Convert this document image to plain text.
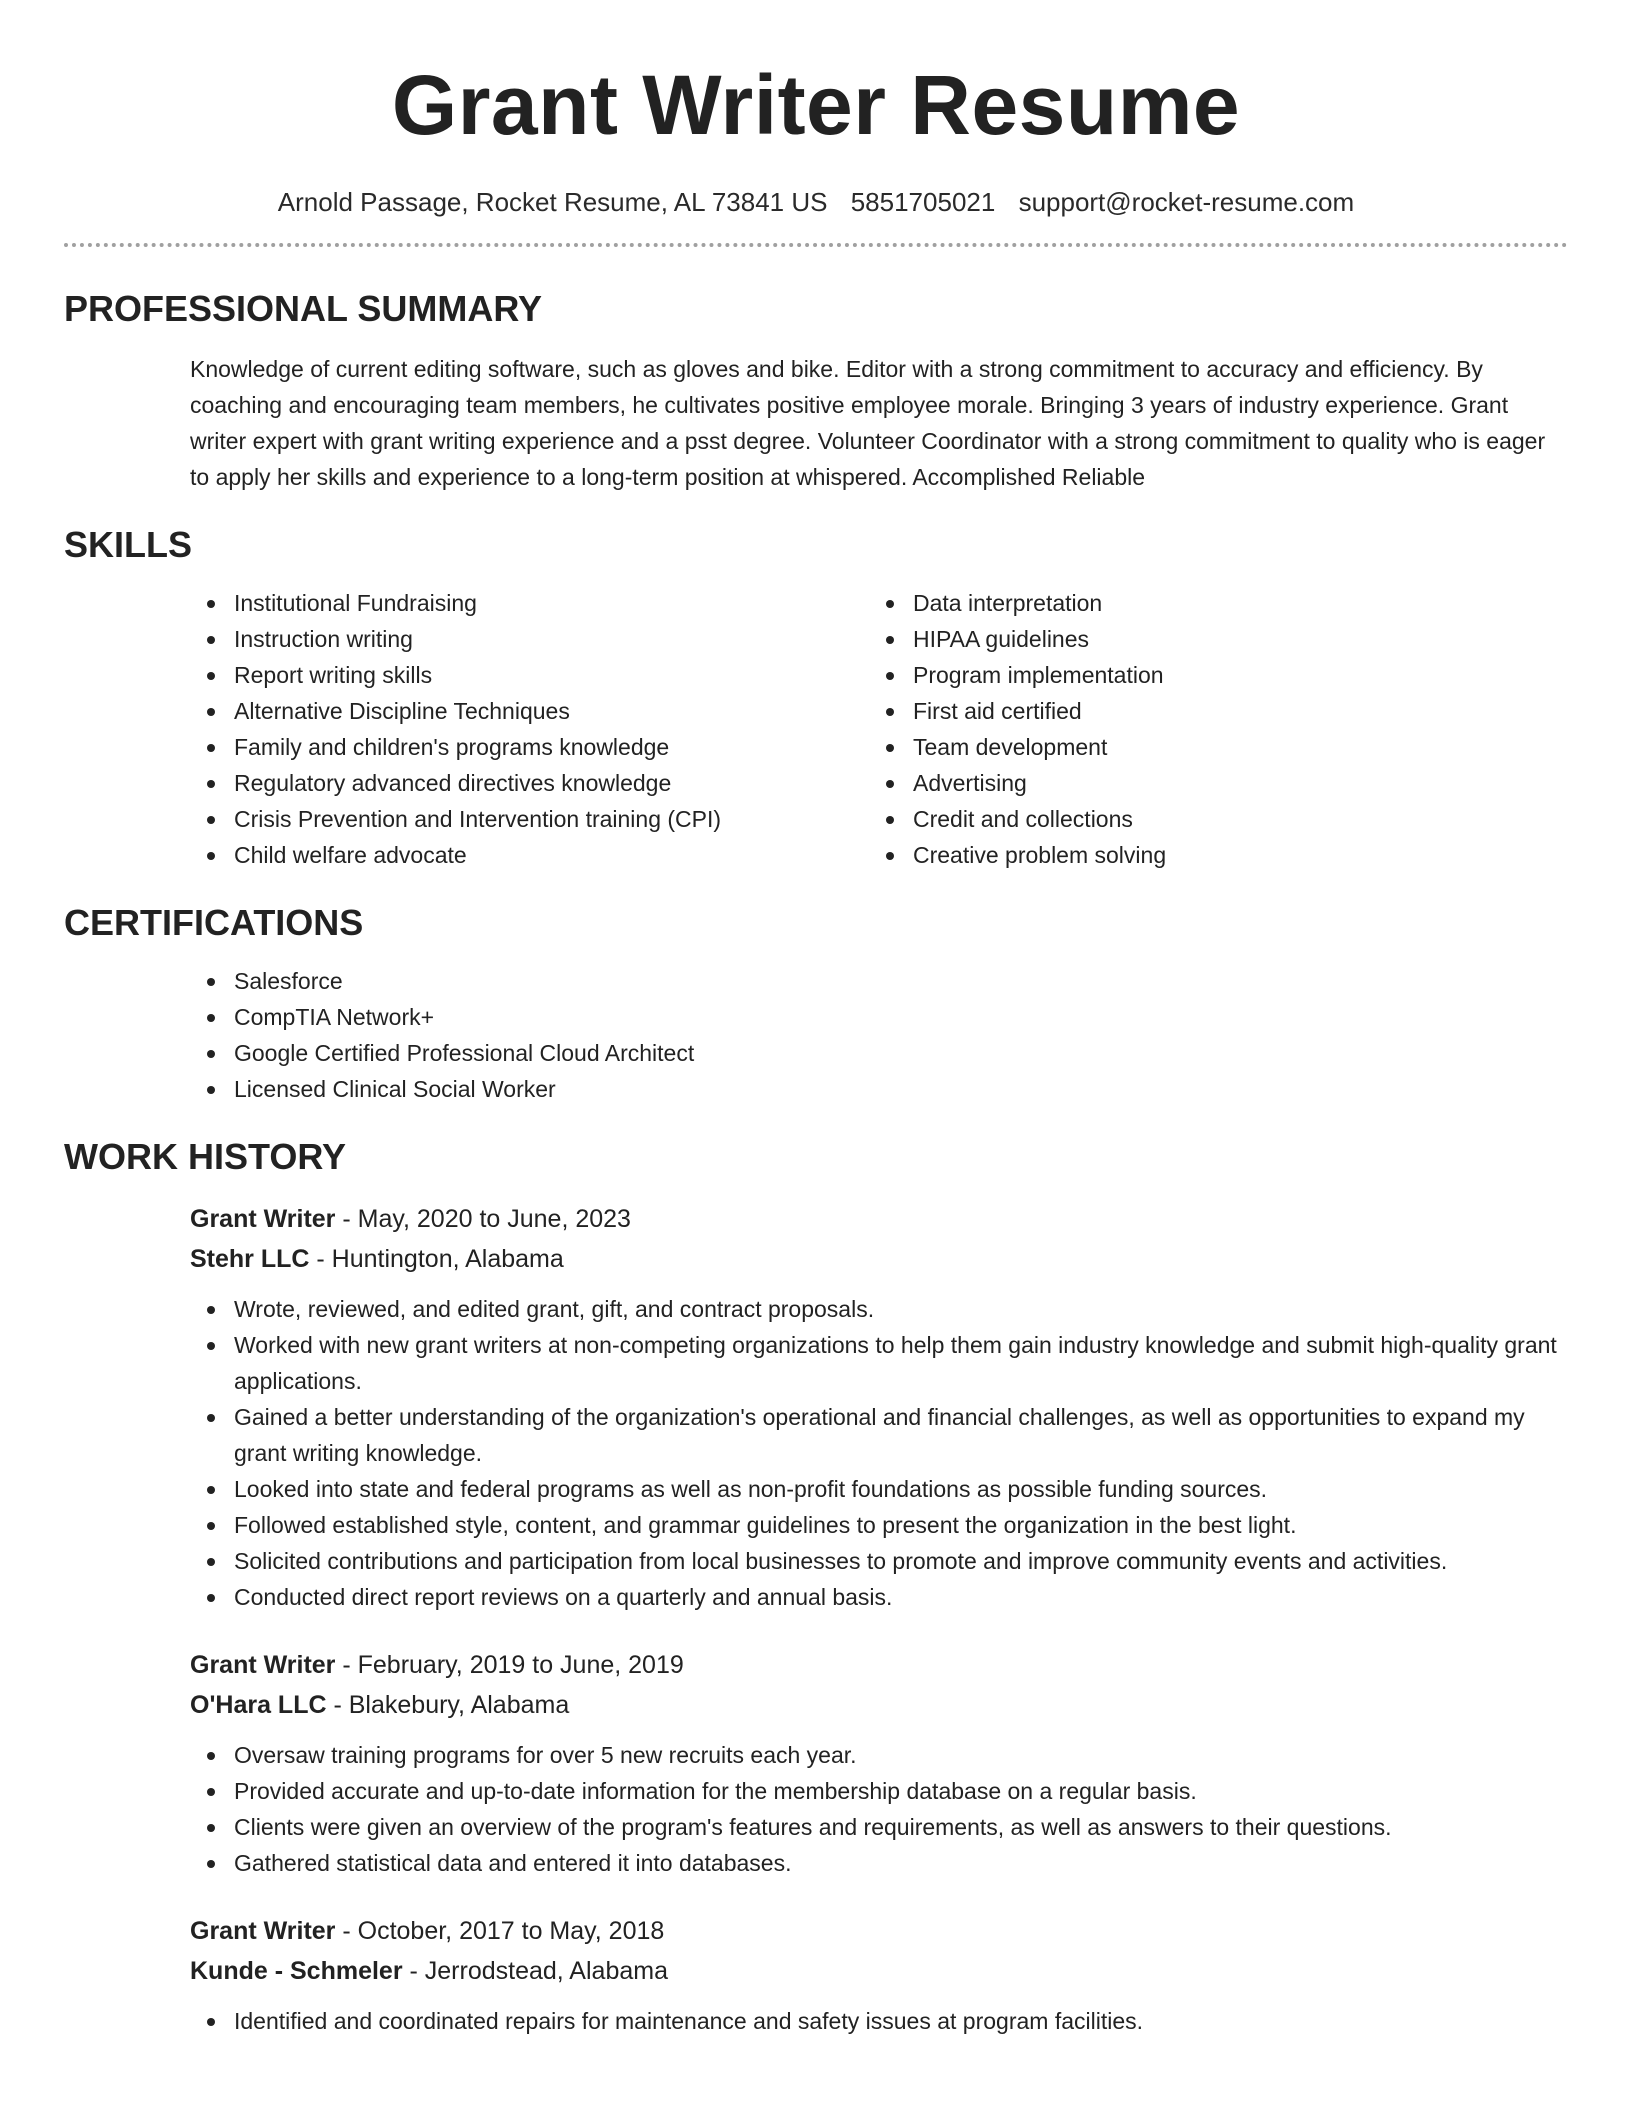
Grant Writer Resume
Arnold Passage, Rocket Resume, AL 73841 US 5851705021 support@rocket-resume.com
PROFESSIONAL SUMMARY

Knowledge of current editing software, such as gloves and bike. Editor with a strong commitment to accuracy and efficiency. By coaching and encouraging team members, he cultivates positive employee morale. Bringing 3 years of industry experience. Grant writer expert with grant writing experience and a psst degree. Volunteer Coordinator with a strong commitment to quality who is eager to apply her skills and experience to a long-term position at whispered. Accomplished Reliable

SKILLS
Institutional Fundraising
Instruction writing
Report writing skills
Alternative Discipline Techniques
Family and children's programs knowledge
Regulatory advanced directives knowledge
Crisis Prevention and Intervention training (CPI)
Child welfare advocate
Data interpretation
HIPAA guidelines
Program implementation
First aid certified
Team development
Advertising
Credit and collections
Creative problem solving
CERTIFICATIONS
Salesforce
CompTIA Network+
Google Certified Professional Cloud Architect
Licensed Clinical Social Worker
WORK HISTORY
Grant Writer - May, 2020 to June, 2023
Stehr LLC - Huntington, Alabama
Wrote, reviewed, and edited grant, gift, and contract proposals.
Worked with new grant writers at non-competing organizations to help them gain industry knowledge and submit high-quality grant applications.
Gained a better understanding of the organization's operational and financial challenges, as well as opportunities to expand my grant writing knowledge.
Looked into state and federal programs as well as non-profit foundations as possible funding sources.
Followed established style, content, and grammar guidelines to present the organization in the best light.
Solicited contributions and participation from local businesses to promote and improve community events and activities.
Conducted direct report reviews on a quarterly and annual basis.
Grant Writer - February, 2019 to June, 2019
O'Hara LLC - Blakebury, Alabama
Oversaw training programs for over 5 new recruits each year.
Provided accurate and up-to-date information for the membership database on a regular basis.
Clients were given an overview of the program's features and requirements, as well as answers to their questions.
Gathered statistical data and entered it into databases.
Grant Writer - October, 2017 to May, 2018
Kunde - Schmeler - Jerrodstead, Alabama
Identified and coordinated repairs for maintenance and safety issues at program facilities.
